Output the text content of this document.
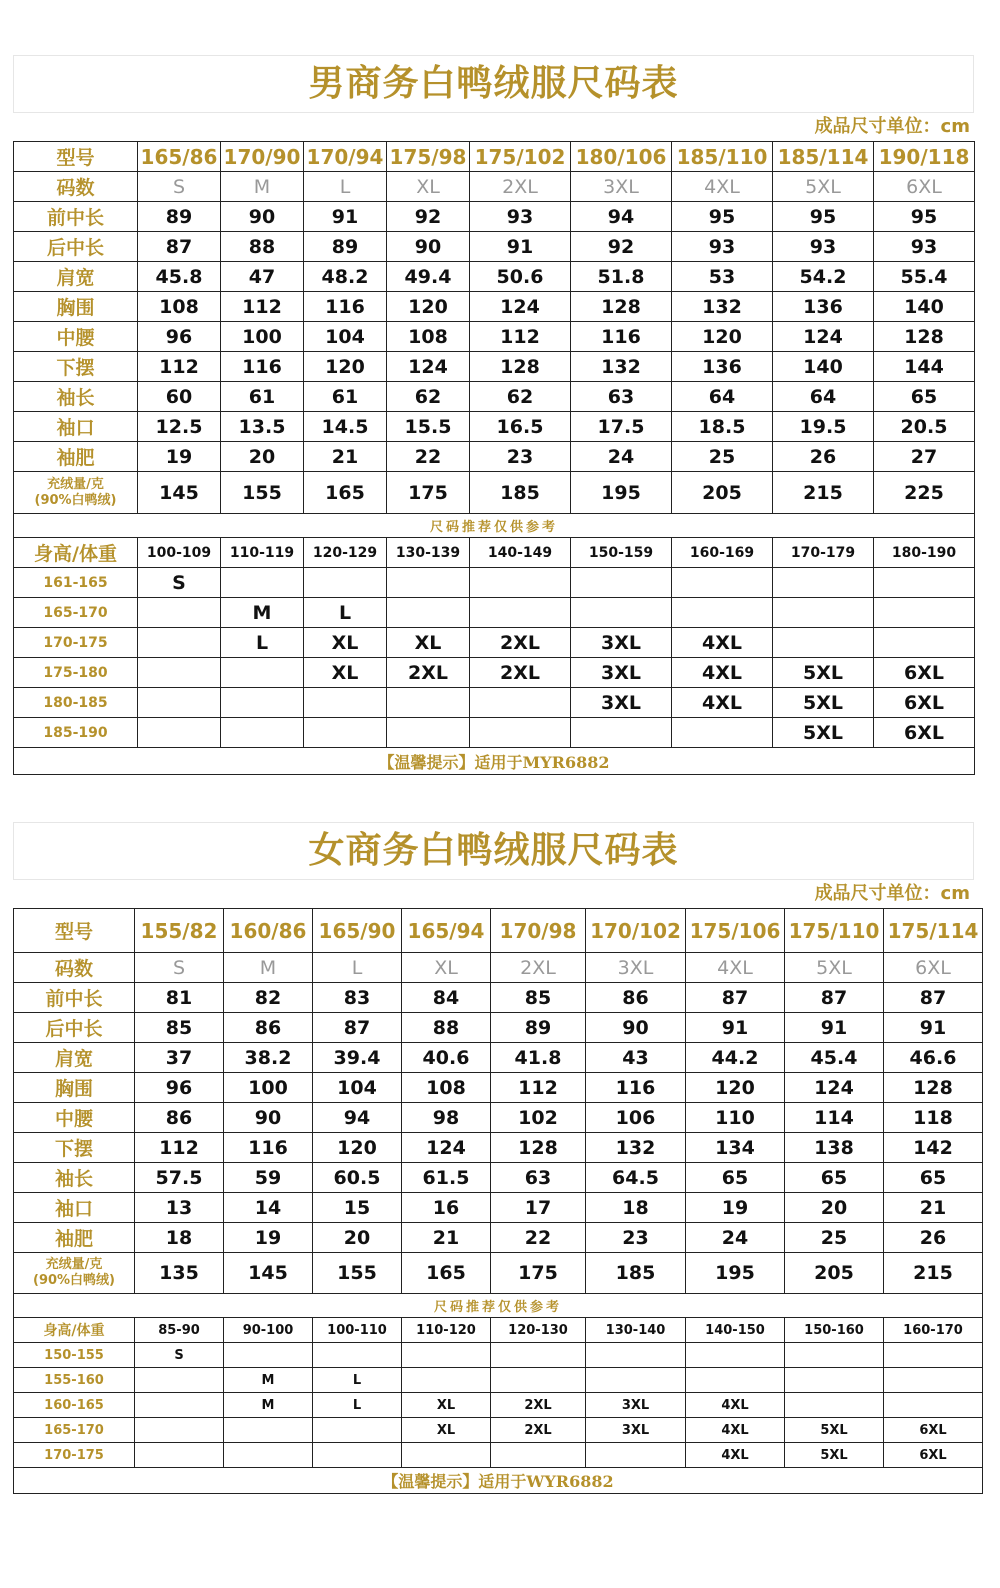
男商务白鸭绒服尺码表
成品尺寸单位：cm
型号	165/86	170/90	170/94	175/98	175/102	180/106	185/110	185/114	190/118
码数	S	M	L	XL	2XL	3XL	4XL	5XL	6XL
前中长	89	90	91	92	93	94	95	95	95
后中长	87	88	89	90	91	92	93	93	93
肩宽	45.8	47	48.2	49.4	50.6	51.8	53	54.2	55.4
胸围	108	112	116	120	124	128	132	136	140
中腰	96	100	104	108	112	116	120	124	128
下摆	112	116	120	124	128	132	136	140	144
袖长	60	61	61	62	62	63	64	64	65
袖口	12.5	13.5	14.5	15.5	16.5	17.5	18.5	19.5	20.5
袖肥	19	20	21	22	23	24	25	26	27

充绒量/克
(90%白鸭绒)	145	155	165	175	185	195	205	215	225
尺码推荐仅供参考									
身高/体重	100-109	110-119	120-129	130-139	140-149	150-159	160-169	170-179	180-190
161-165	S								
165-170		M	L						
170-175		L	XL	XL	2XL	3XL	4XL		
175-180			XL	2XL	2XL	3XL	4XL	5XL	6XL
180-185						3XL	4XL	5XL	6XL
185-190								5XL	6XL
【温馨提示】适用于MYR6882									
女商务白鸭绒服尺码表
成品尺寸单位：cm
型号	155/82	160/86	165/90	165/94	170/98	170/102	175/106	175/110	175/114
码数	S	M	L	XL	2XL	3XL	4XL	5XL	6XL
前中长	81	82	83	84	85	86	87	87	87
后中长	85	86	87	88	89	90	91	91	91
肩宽	37	38.2	39.4	40.6	41.8	43	44.2	45.4	46.6
胸围	96	100	104	108	112	116	120	124	128
中腰	86	90	94	98	102	106	110	114	118
下摆	112	116	120	124	128	132	134	138	142
袖长	57.5	59	60.5	61.5	63	64.5	65	65	65
袖口	13	14	15	16	17	18	19	20	21
袖肥	18	19	20	21	22	23	24	25	26

充绒量/克
(90%白鸭绒)	135	145	155	165	175	185	195	205	215
尺码推荐仅供参考									
身高/体重	85-90	90-100	100-110	110-120	120-130	130-140	140-150	150-160	160-170
150-155	S								
155-160		M	L						
160-165		M	L	XL	2XL	3XL	4XL		
165-170				XL	2XL	3XL	4XL	5XL	6XL
170-175							4XL	5XL	6XL
【温馨提示】适用于WYR6882									
